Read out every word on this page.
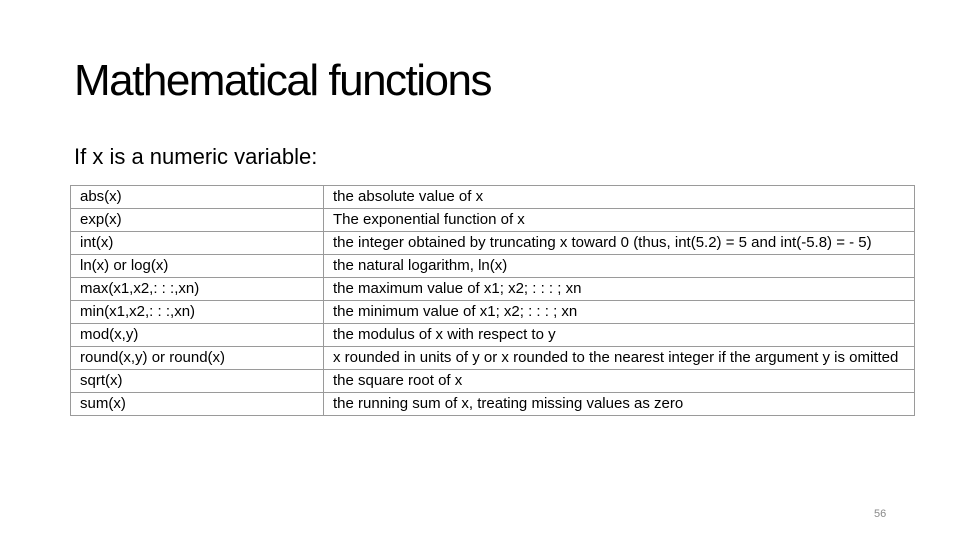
Mathematical functions

If x is a numeric variable:

abs(x)	the absolute value of x
exp(x)	The exponential function of x
int(x)	the integer obtained by truncating x toward 0 (thus, int(5.2) = 5 and int(-5.8) = - 5)
ln(x) or log(x)	the natural logarithm, ln(x)
max(x1,x2,: : :,xn)	the maximum value of x1; x2; : : : ; xn
min(x1,x2,: : :,xn)	the minimum value of x1; x2; : : : ; xn
mod(x,y)	the modulus of x with respect to y
round(x,y) or round(x)	x rounded in units of y or x rounded to the nearest integer if the argument y is omitted
sqrt(x)	the square root of x
sum(x)	the running sum of x, treating missing values as zero
56
